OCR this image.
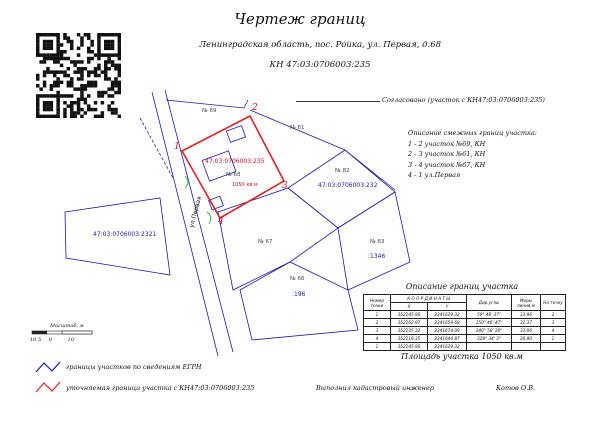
Чертеж границ
Ленинградская область, пос. Ройка, ул. Первая, д.68
КН 47:03:0706003:235
Согласовано (участок с КН47:03:0706003:235)
Описание смежных границ участка:
1 - 2 участок №69, КН
2 - 3 участок №61, КН
3 - 4 участок №67, КН
4 - 1 ул.Первая
№ 69
№ 61
№ 68
№ 82
№ 67	№ 63
№ 66
47:03:0706003:232
47:03:0706003:2321
:1346
:196
47:03:0706003:235
1050 кв.м
ул.Первая
1
2
3
4
Масштаб, м
10 5 0	10
Описание границ участка
Номер точки	К О О Р Д И Н А Т Ы		Дир.углы	Меры линий,м	На точку
	X	Y			
1	362145.90	2241629.32	59° 46' 37"	33.96	2
2	362162.97	2241658.68	150° 46' 47"	31.37	3
3	362135.32	2241674.09	240° 58' 20"	33.06	4
4	362119.35	2241644.87	329° 34' 3"	30.90	1
1	362145.90	2241629.32			
Площадь участка 1050 кв.м
границы участков по сведениям ЕГРН
уточняемая граница участка с КН47:03:0706003:235	Выполнил кадастровый инженер	Котов О.В.
